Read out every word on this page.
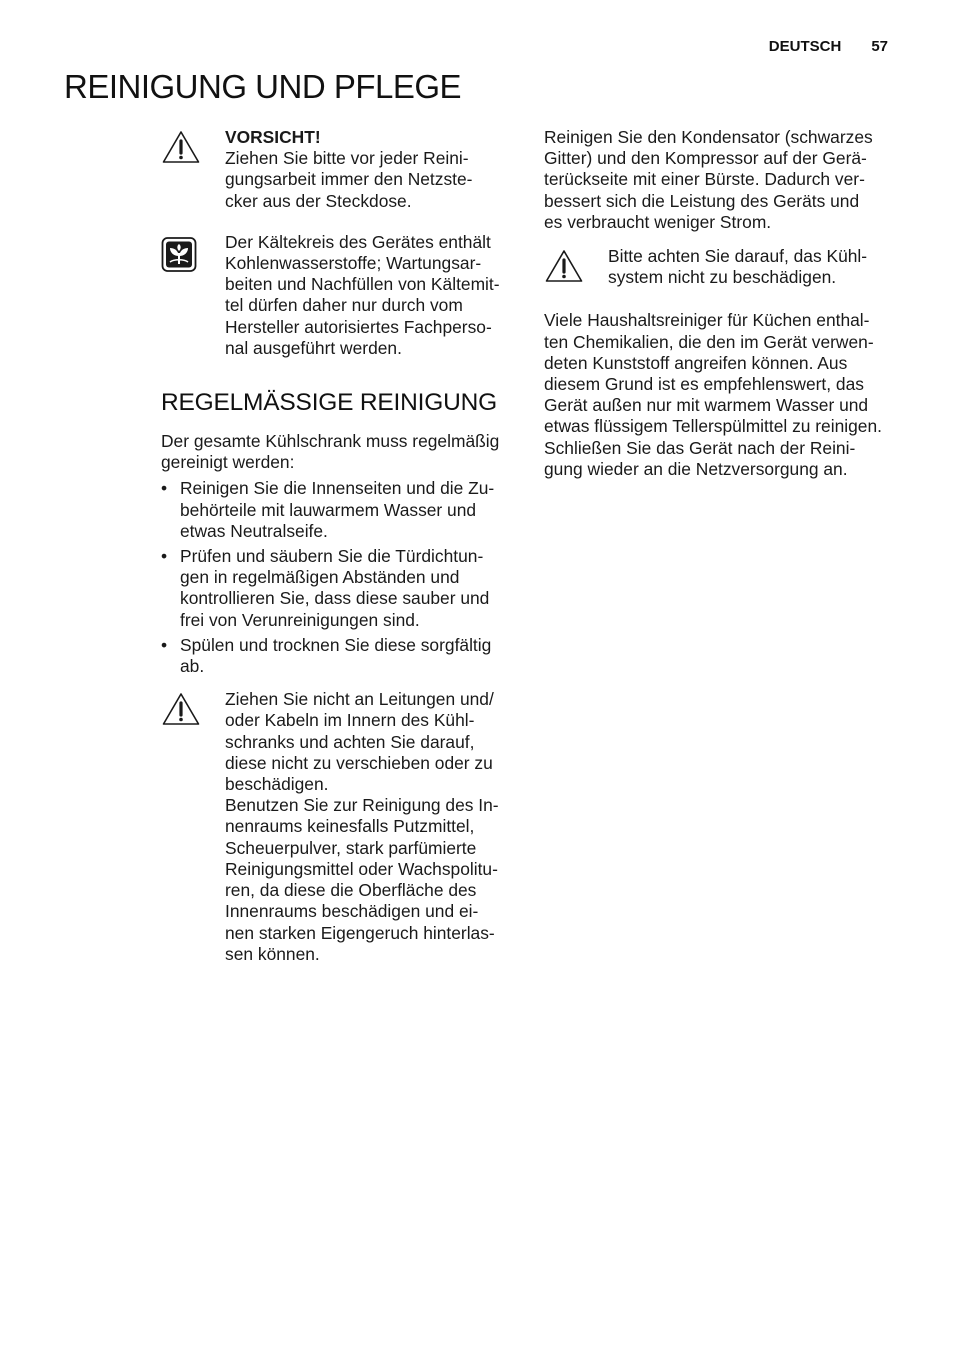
DEUTSCH 57
REINIGUNG UND PFLEGE
VORSICHT!
Ziehen Sie bitte vor jeder Reini-
gungsarbeit immer den Netzste-
cker aus der Steckdose.
Der Kältekreis des Gerätes enthält
Kohlenwasserstoffe; Wartungsar-
beiten und Nachfüllen von Kältemit-
tel dürfen daher nur durch vom
Hersteller autorisiertes Fachperso-
nal ausgeführt werden.
REGELMÄSSIGE REINIGUNG
Der gesamte Kühlschrank muss regelmäßig
gereinigt werden:
• Reinigen Sie die Innenseiten und die Zu-
behörteile mit lauwarmem Wasser und
etwas Neutralseife.
• Prüfen und säubern Sie die Türdichtun-
gen in regelmäßigen Abständen und
kontrollieren Sie, dass diese sauber und
frei von Verunreinigungen sind.
• Spülen und trocknen Sie diese sorgfältig
ab.
Ziehen Sie nicht an Leitungen und/
oder Kabeln im Innern des Kühl-
schranks und achten Sie darauf,
diese nicht zu verschieben oder zu
beschädigen.
Benutzen Sie zur Reinigung des In-
nenraums keinesfalls Putzmittel,
Scheuerpulver, stark parfümierte
Reinigungsmittel oder Wachspolitu-
ren, da diese die Oberfläche des
Innenraums beschädigen und ei-
nen starken Eigengeruch hinterlas-
sen können.
Reinigen Sie den Kondensator (schwarzes
Gitter) und den Kompressor auf der Gerä-
terückseite mit einer Bürste. Dadurch ver-
bessert sich die Leistung des Geräts und
es verbraucht weniger Strom.
Bitte achten Sie darauf, das Kühl-
system nicht zu beschädigen.
Viele Haushaltsreiniger für Küchen enthal-
ten Chemikalien, die den im Gerät verwen-
deten Kunststoff angreifen können. Aus
diesem Grund ist es empfehlenswert, das
Gerät außen nur mit warmem Wasser und
etwas flüssigem Tellerspülmittel zu reinigen.
Schließen Sie das Gerät nach der Reini-
gung wieder an die Netzversorgung an.
